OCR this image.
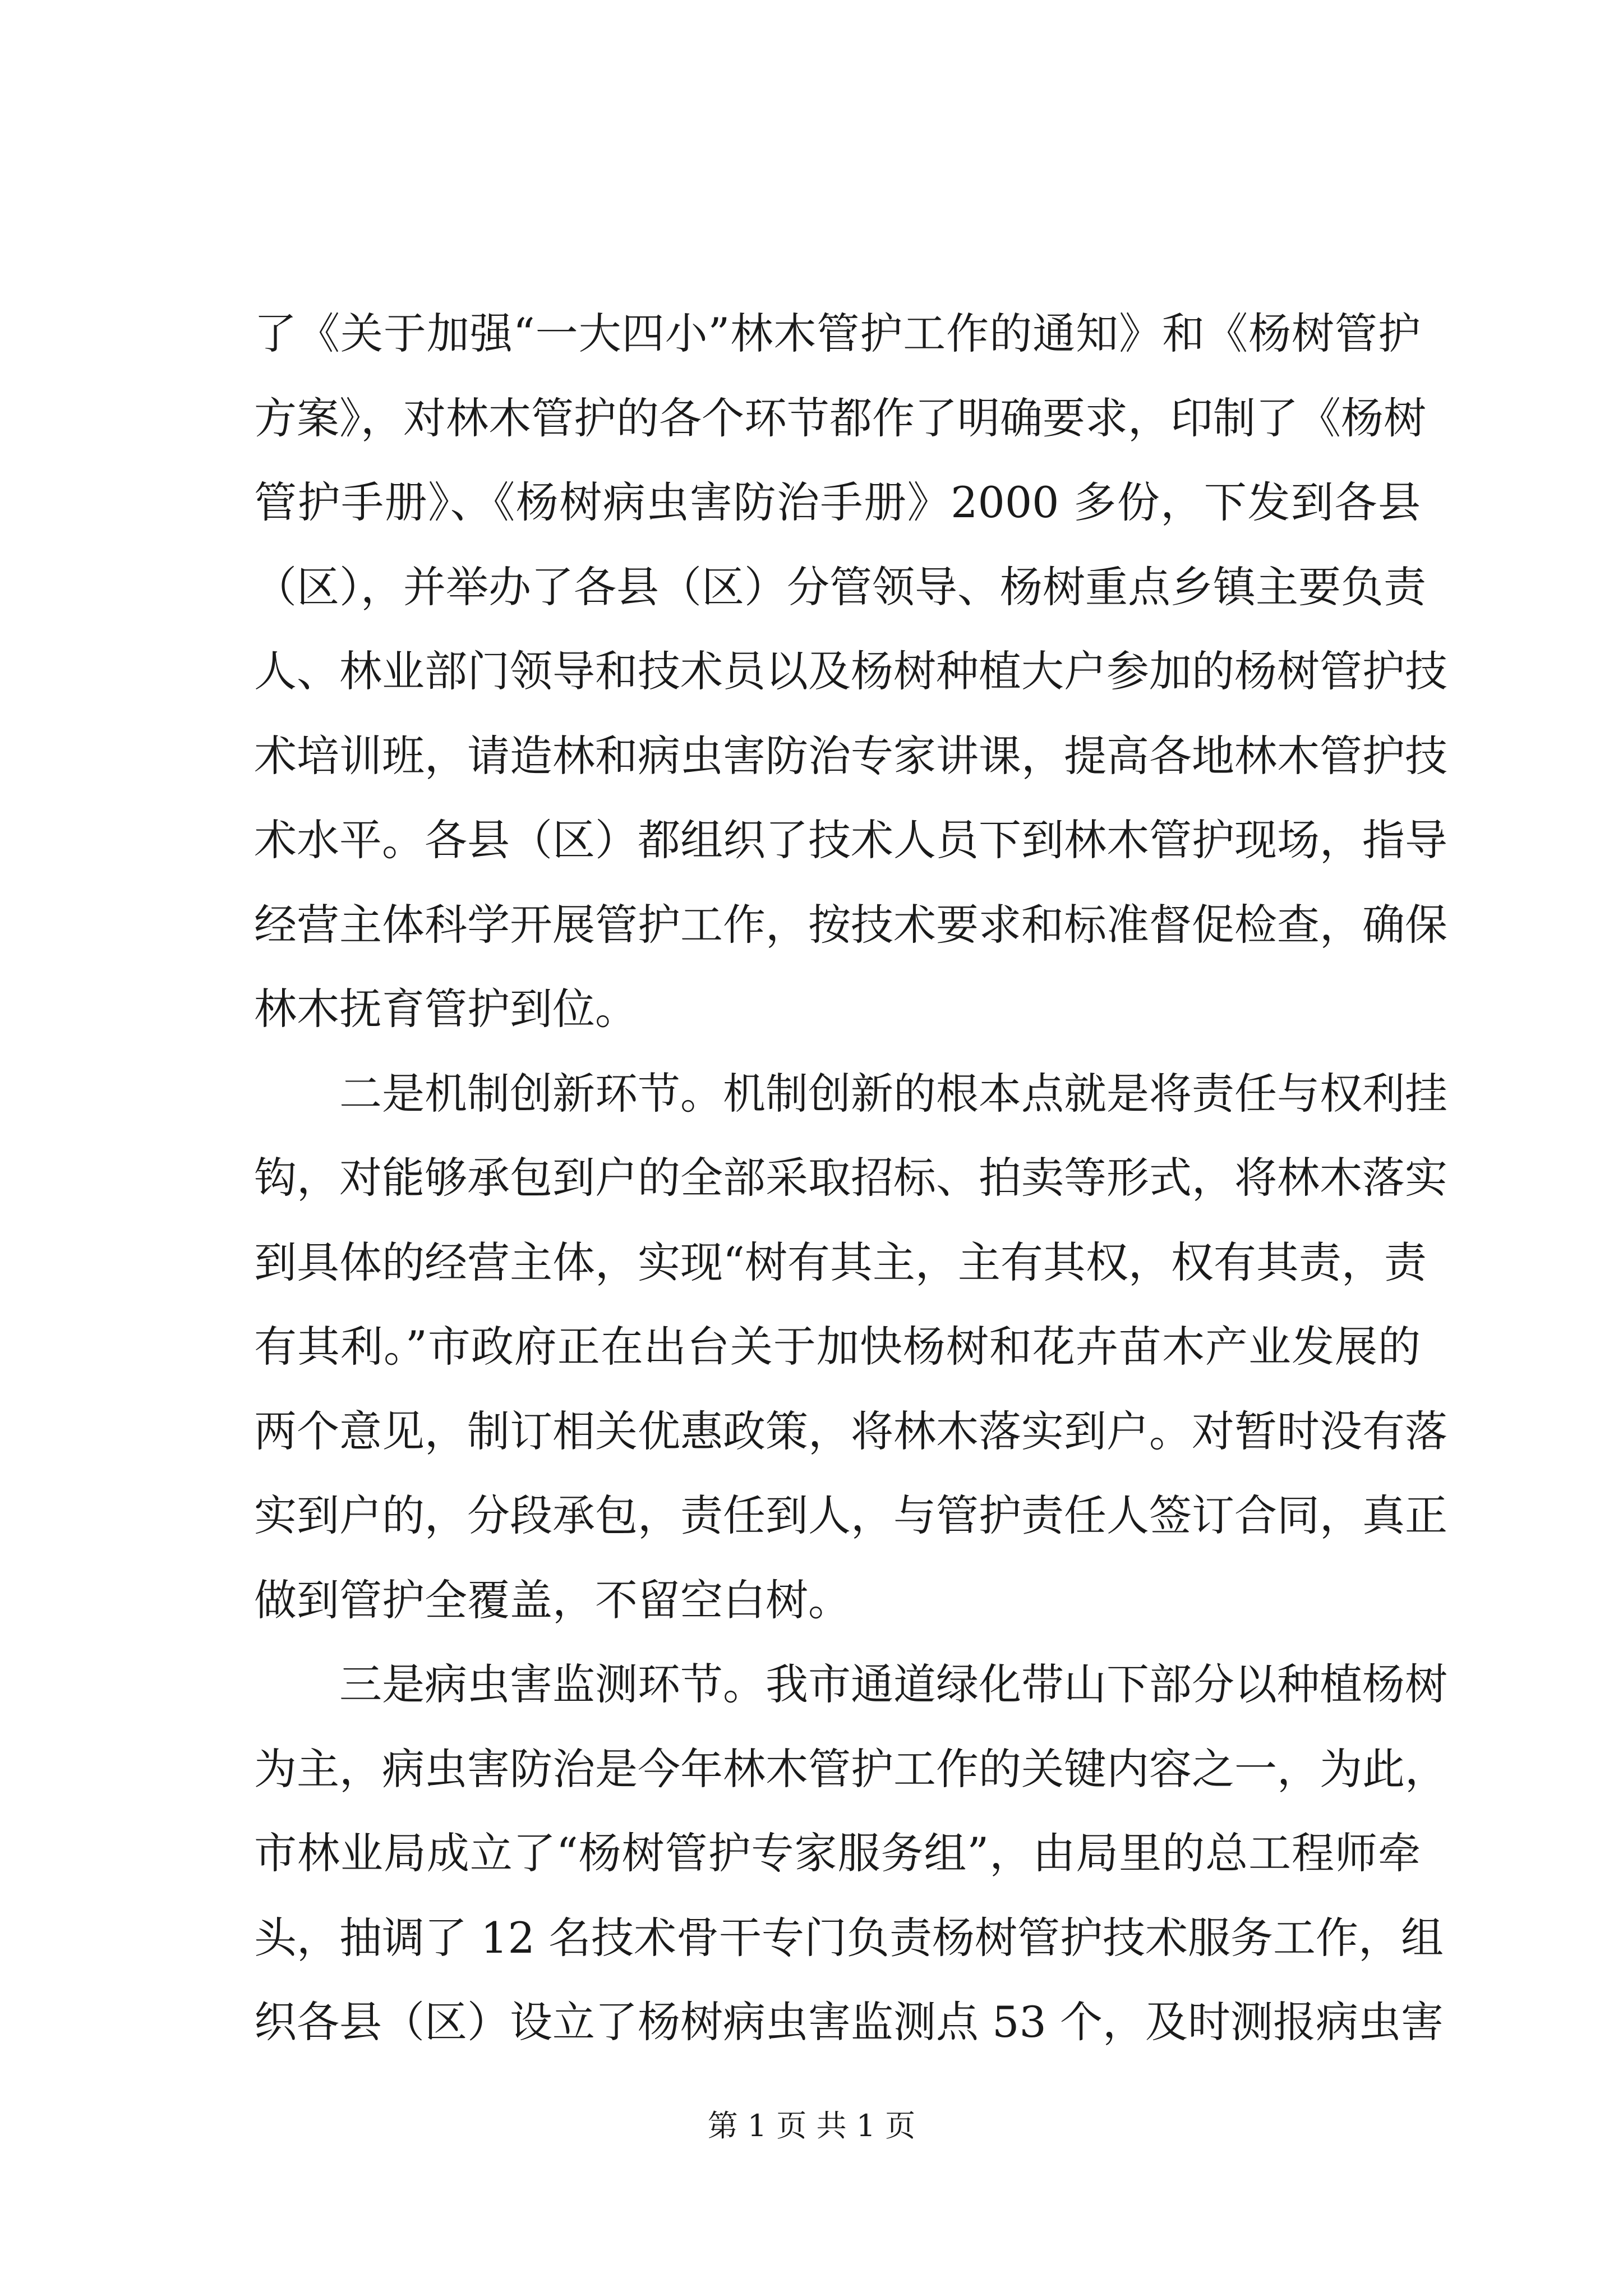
了《关于加强“一大四小”林木管护工作的通知》和《杨树管护
方案》，对林木管护的各个环节都作了明确要求，印制了《杨树
管护手册》、《杨树病虫害防治手册》2000 多份，下发到各县
（区），并举办了各县（区）分管领导、杨树重点乡镇主要负责
人、林业部门领导和技术员以及杨树种植大户参加的杨树管护技
术培训班，请造林和病虫害防治专家讲课，提高各地林木管护技
术水平。各县（区）都组织了技术人员下到林木管护现场，指导
经营主体科学开展管护工作，按技术要求和标准督促检查，确保
林木抚育管护到位。
二是机制创新环节。机制创新的根本点就是将责任与权利挂
钩，对能够承包到户的全部采取招标、拍卖等形式，将林木落实
到具体的经营主体，实现“树有其主，主有其权，权有其责，责
有其利。”市政府正在出台关于加快杨树和花卉苗木产业发展的
两个意见，制订相关优惠政策，将林木落实到户。对暂时没有落
实到户的，分段承包，责任到人，与管护责任人签订合同，真正
做到管护全覆盖，不留空白树。
三是病虫害监测环节。我市通道绿化带山下部分以种植杨树
为主，病虫害防治是今年林木管护工作的关键内容之一，为此，
市林业局成立了“杨树管护专家服务组”，由局里的总工程师牵
头，抽调了 12 名技术骨干专门负责杨树管护技术服务工作，组
织各县（区）设立了杨树病虫害监测点 53 个，及时测报病虫害
第 1 页 共 1 页
